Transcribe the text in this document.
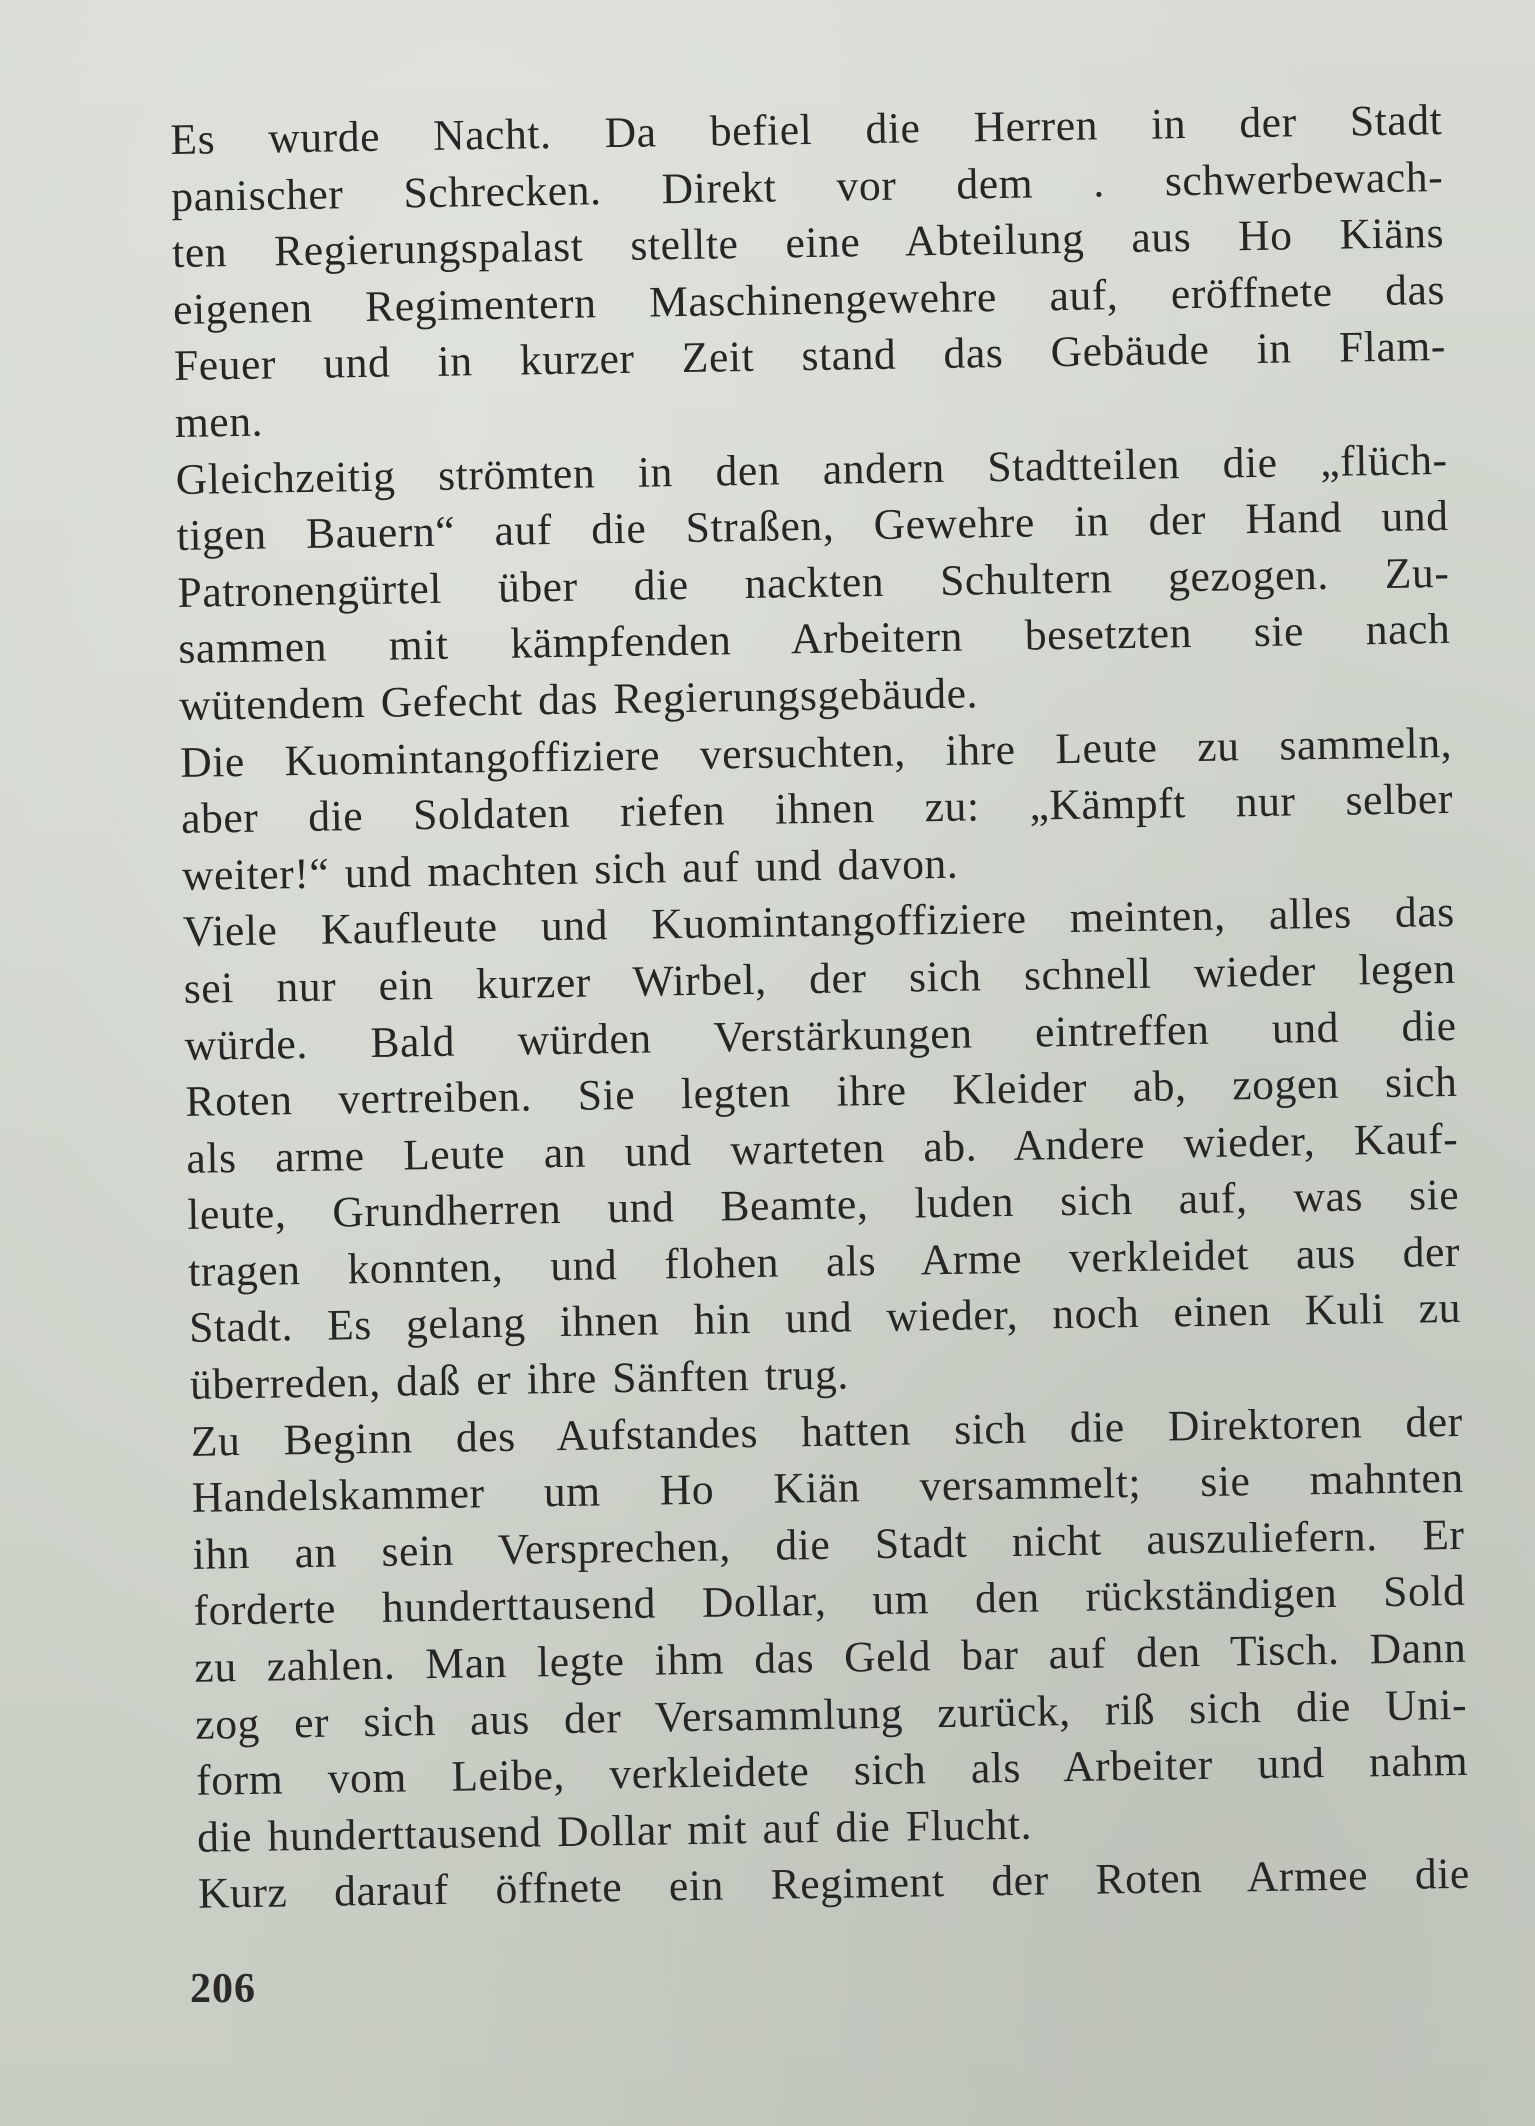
Es wurde Nacht. Da befiel die Herren in der Stadt
panischer Schrecken. Direkt vor dem . schwerbewach-
ten Regierungspalast stellte eine Abteilung aus Ho Kiäns
eigenen Regimentern Maschinengewehre auf, eröffnete das
Feuer und in kurzer Zeit stand das Gebäude in Flam-
men.

Gleichzeitig strömten in den andern Stadtteilen die „flüch-
tigen Bauern“ auf die Straßen, Gewehre in der Hand und
Patronengürtel über die nackten Schultern gezogen. Zu-
sammen mit kämpfenden Arbeitern besetzten sie nach
wütendem Gefecht das Regierungsgebäude.

Die Kuomintangoffiziere versuchten, ihre Leute zu sammeln,
aber die Soldaten riefen ihnen zu: „Kämpft nur selber
weiter!“ und machten sich auf und davon.

Viele Kaufleute und Kuomintangoffiziere meinten, alles das
sei nur ein kurzer Wirbel, der sich schnell wieder legen
würde. Bald würden Verstärkungen eintreffen und die
Roten vertreiben. Sie legten ihre Kleider ab, zogen sich
als arme Leute an und warteten ab. Andere wieder, Kauf-
leute, Grundherren und Beamte, luden sich auf, was sie
tragen konnten, und flohen als Arme verkleidet aus der
Stadt. Es gelang ihnen hin und wieder, noch einen Kuli zu
überreden, daß er ihre Sänften trug.

Zu Beginn des Aufstandes hatten sich die Direktoren der
Handelskammer um Ho Kiän versammelt; sie mahnten
ihn an sein Versprechen, die Stadt nicht auszuliefern. Er
forderte hunderttausend Dollar, um den rückständigen Sold
zu zahlen. Man legte ihm das Geld bar auf den Tisch. Dann
zog er sich aus der Versammlung zurück, riß sich die Uni-
form vom Leibe, verkleidete sich als Arbeiter und nahm
die hunderttausend Dollar mit auf die Flucht.

Kurz darauf öffnete ein Regiment der Roten Armee die

206
